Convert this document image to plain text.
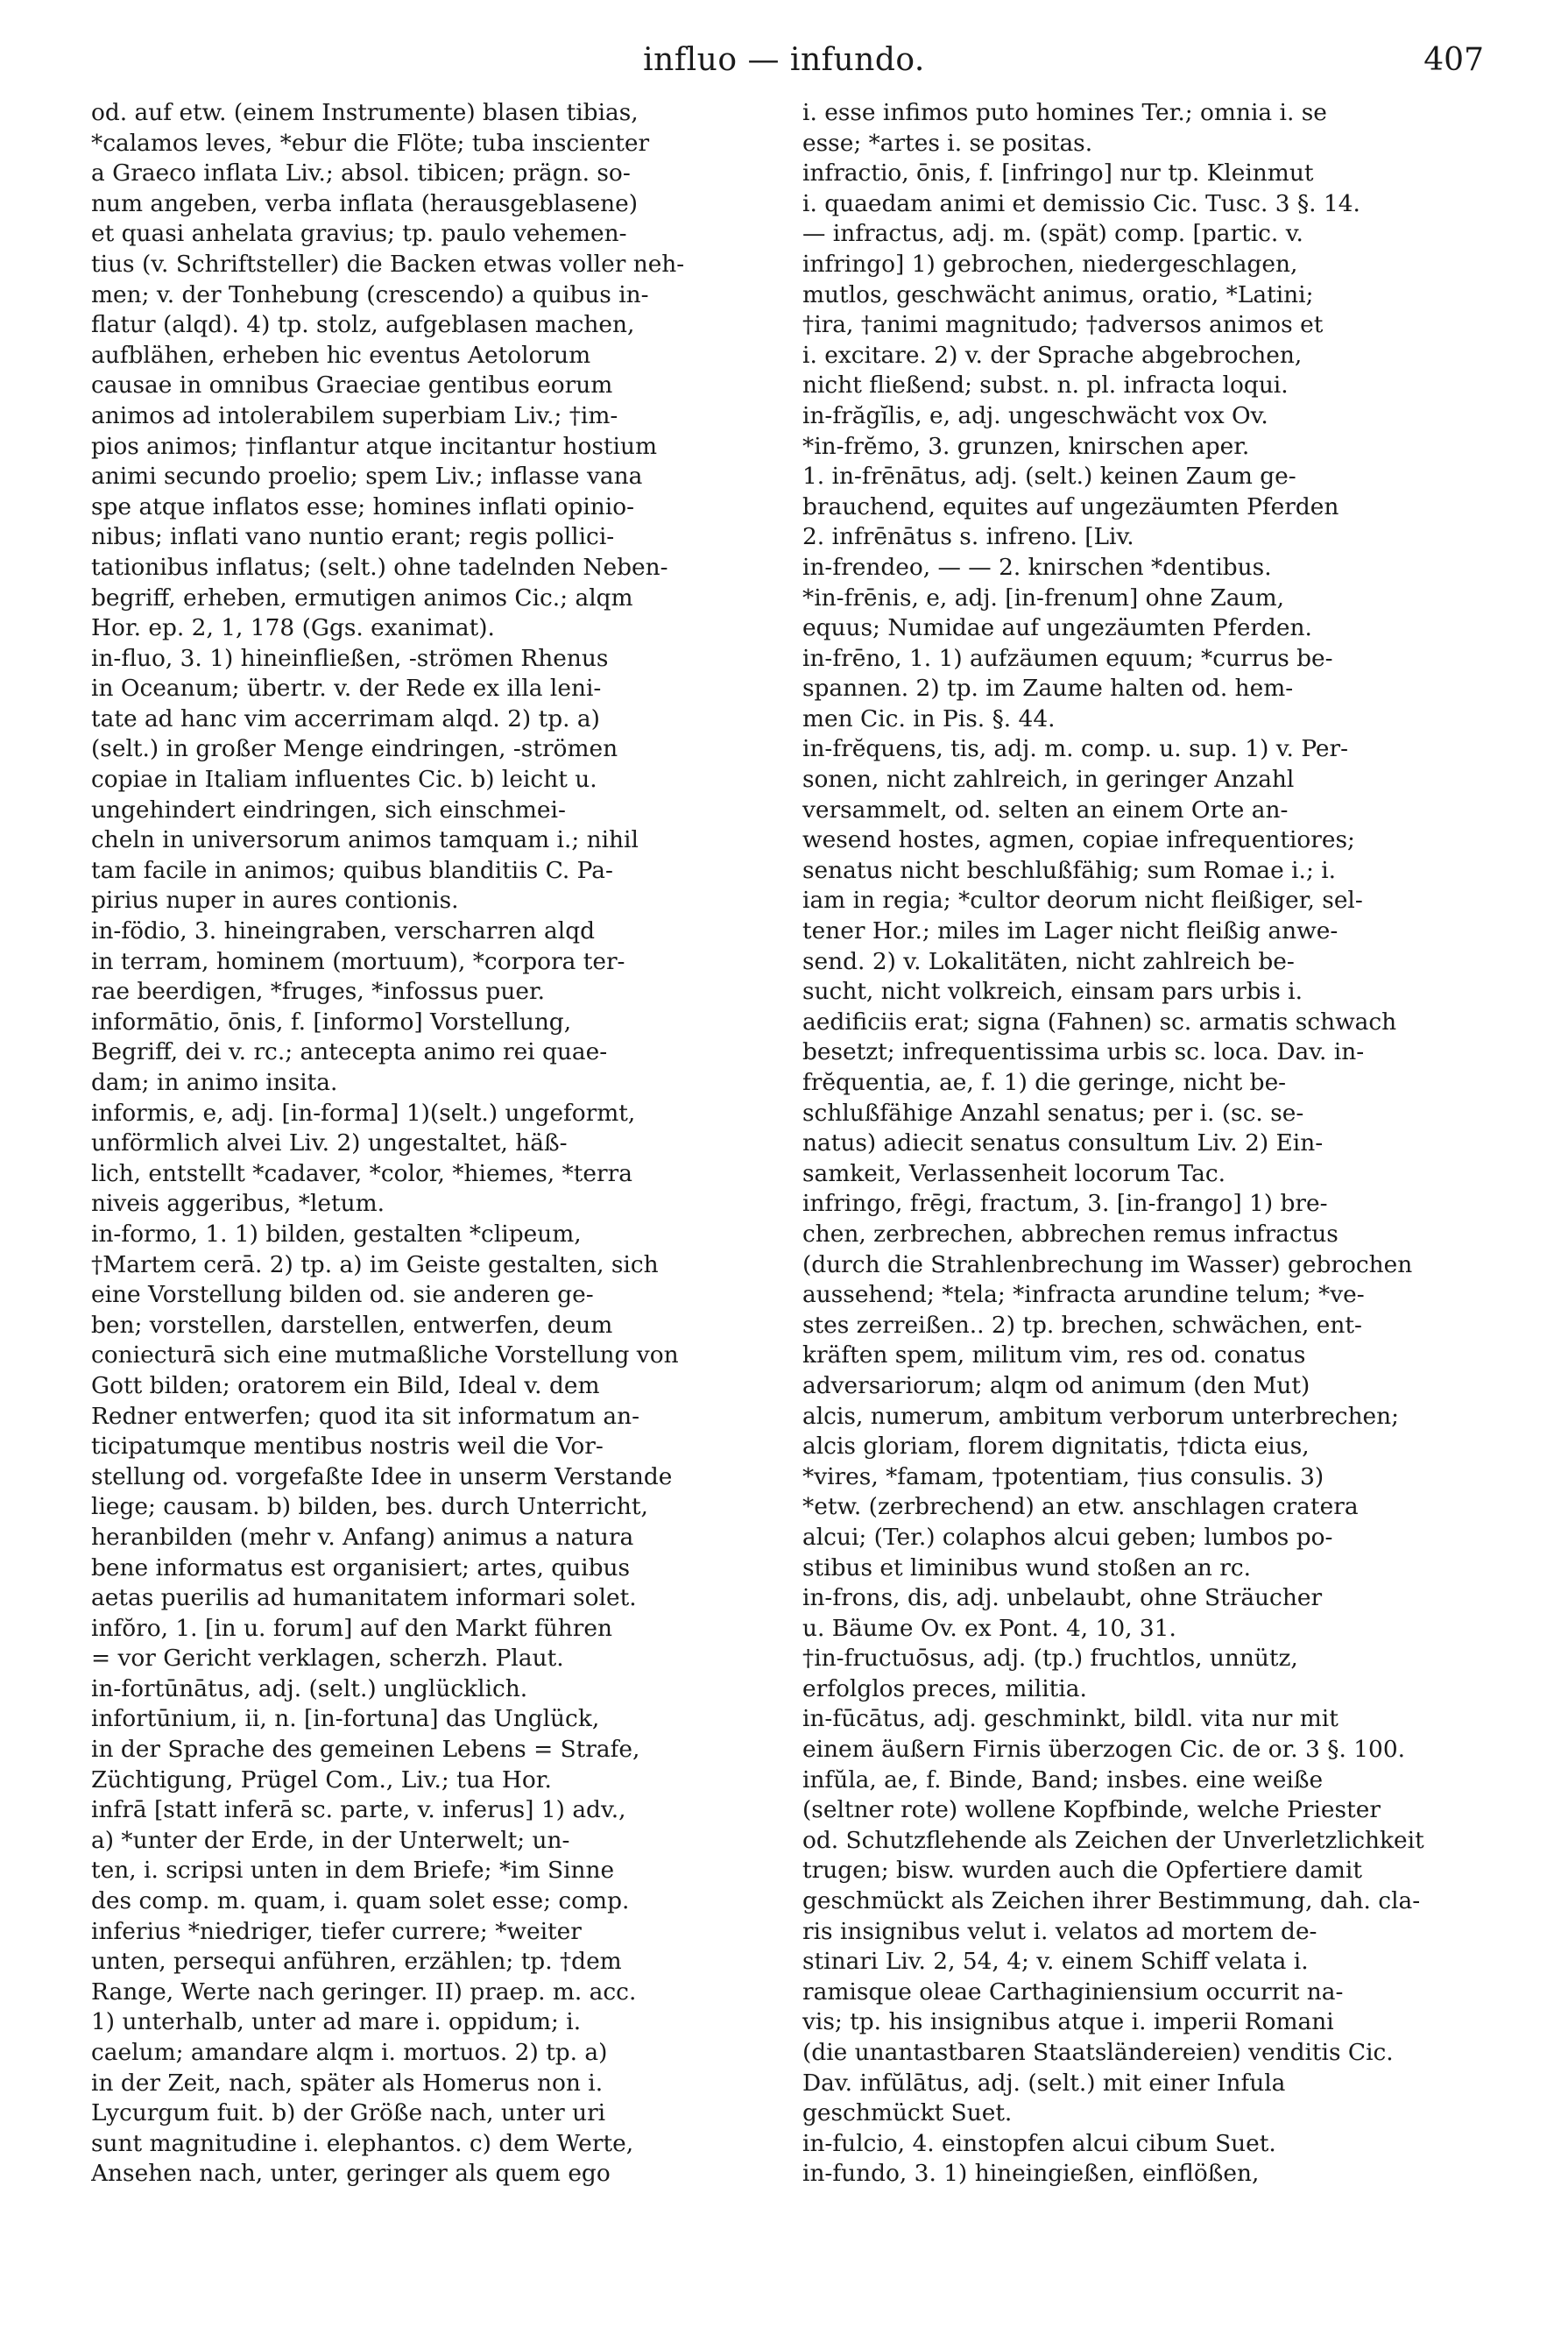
influo — infundo.	407
od. auf etw. (einem Instrumente) blasen tibias,
*calamos leves, *ebur die Flöte; tuba inscienter
a Graeco inflata Liv.; absol. tibicen; prägn. so-
num angeben, verba inflata (herausgeblasene)
et quasi anhelata gravius; tp. paulo vehemen-
tius (v. Schriftsteller) die Backen etwas voller neh-
men; v. der Tonhebung (crescendo) a quibus in-
flatur (alqd). 4) tp. stolz, aufgeblasen machen,
aufblähen, erheben hic eventus Aetolorum
causae in omnibus Graeciae gentibus eorum
animos ad intolerabilem superbiam Liv.; †im-
pios animos; †inflantur atque incitantur hostium
animi secundo proelio; spem Liv.; inflasse vana
spe atque inflatos esse; homines inflati opinio-
nibus; inflati vano nuntio erant; regis pollici-
tationibus inflatus; (selt.) ohne tadelnden Neben-
begriff, erheben, ermutigen animos Cic.; alqm
Hor. ep. 2, 1, 178 (Ggs. exanimat).
in-fluo, 3. 1) hineinfließen, -strömen Rhenus
in Oceanum; übertr. v. der Rede ex illa leni-
tate ad hanc vim accerrimam alqd. 2) tp. a)
(selt.) in großer Menge eindringen, -strömen
copiae in Italiam influentes Cic. b) leicht u.
ungehindert eindringen, sich einschmei-
cheln in universorum animos tamquam i.; nihil
tam facile in animos; quibus blanditiis C. Pa-
pirius nuper in aures contionis.
in-födio, 3. hineingraben, verscharren alqd
in terram, hominem (mortuum), *corpora ter-
rae beerdigen, *fruges, *infossus puer.
informātio, ōnis, f. [informo] Vorstellung,
Begriff, dei v. rc.; antecepta animo rei quae-
dam; in animo insita.
informis, e, adj. [in-forma] 1)(selt.) ungeformt,
unförmlich alvei Liv. 2) ungestaltet, häß-
lich, entstellt *cadaver, *color, *hiemes, *terra
niveis aggeribus, *letum.
in-formo, 1. 1) bilden, gestalten *clipeum,
†Martem cerā. 2) tp. a) im Geiste gestalten, sich
eine Vorstellung bilden od. sie anderen ge-
ben; vorstellen, darstellen, entwerfen, deum
coniecturā sich eine mutmaßliche Vorstellung von
Gott bilden; oratorem ein Bild, Ideal v. dem
Redner entwerfen; quod ita sit informatum an-
ticipatumque mentibus nostris weil die Vor-
stellung od. vorgefaßte Idee in unserm Verstande
liege; causam. b) bilden, bes. durch Unterricht,
heranbilden (mehr v. Anfang) animus a natura
bene informatus est organisiert; artes, quibus
aetas puerilis ad humanitatem informari solet.
infŏro, 1. [in u. forum] auf den Markt führen
= vor Gericht verklagen, scherzh. Plaut.
in-fortūnātus, adj. (selt.) unglücklich.
infortūnium, ii, n. [in-fortuna] das Unglück,
in der Sprache des gemeinen Lebens = Strafe,
Züchtigung, Prügel Com., Liv.; tua Hor.
infrā [statt inferā sc. parte, v. inferus] 1) adv.,
a) *unter der Erde, in der Unterwelt; un-
ten, i. scripsi unten in dem Briefe; *im Sinne
des comp. m. quam, i. quam solet esse; comp.
inferius *niedriger, tiefer currere; *weiter
unten, persequi anführen, erzählen; tp. †dem
Range, Werte nach geringer. II) praep. m. acc.
1) unterhalb, unter ad mare i. oppidum; i.
caelum; amandare alqm i. mortuos. 2) tp. a)
in der Zeit, nach, später als Homerus non i.
Lycurgum fuit. b) der Größe nach, unter uri
sunt magnitudine i. elephantos. c) dem Werte,
Ansehen nach, unter, geringer als quem ego
i. esse infimos puto homines Ter.; omnia i. se
esse; *artes i. se positas.
infractio, ōnis, f. [infringo] nur tp. Kleinmut
i. quaedam animi et demissio Cic. Tusc. 3 §. 14.
— infractus, adj. m. (spät) comp. [partic. v.
infringo] 1) gebrochen, niedergeschlagen,
mutlos, geschwächt animus, oratio, *Latini;
†ira, †animi magnitudo; †adversos animos et
i. excitare. 2) v. der Sprache abgebrochen,
nicht fließend; subst. n. pl. infracta loqui.
in-frăgĭlis, e, adj. ungeschwächt vox Ov.
*in-frĕmo, 3. grunzen, knirschen aper.
1. in-frēnātus, adj. (selt.) keinen Zaum ge-
brauchend, equites auf ungezäumten Pferden
2. infrēnātus s. infreno. [Liv.
in-frendeo, — — 2. knirschen *dentibus.
*in-frēnis, e, adj. [in-frenum] ohne Zaum,
equus; Numidae auf ungezäumten Pferden.
in-frēno, 1. 1) aufzäumen equum; *currus be-
spannen. 2) tp. im Zaume halten od. hem-
men Cic. in Pis. §. 44.
in-frĕquens, tis, adj. m. comp. u. sup. 1) v. Per-
sonen, nicht zahlreich, in geringer Anzahl
versammelt, od. selten an einem Orte an-
wesend hostes, agmen, copiae infrequentiores;
senatus nicht beschlußfähig; sum Romae i.; i.
iam in regia; *cultor deorum nicht fleißiger, sel-
tener Hor.; miles im Lager nicht fleißig anwe-
send. 2) v. Lokalitäten, nicht zahlreich be-
sucht, nicht volkreich, einsam pars urbis i.
aedificiis erat; signa (Fahnen) sc. armatis schwach
besetzt; infrequentissima urbis sc. loca. Dav. in-
frĕquentia, ae, f. 1) die geringe, nicht be-
schlußfähige Anzahl senatus; per i. (sc. se-
natus) adiecit senatus consultum Liv. 2) Ein-
samkeit, Verlassenheit locorum Tac.
infringo, frēgi, fractum, 3. [in-frango] 1) bre-
chen, zerbrechen, abbrechen remus infractus
(durch die Strahlenbrechung im Wasser) gebrochen
aussehend; *tela; *infracta arundine telum; *ve-
stes zerreißen.. 2) tp. brechen, schwächen, ent-
kräften spem, militum vim, res od. conatus
adversariorum; alqm od animum (den Mut)
alcis, numerum, ambitum verborum unterbrechen;
alcis gloriam, florem dignitatis, †dicta eius,
*vires, *famam, †potentiam, †ius consulis. 3)
*etw. (zerbrechend) an etw. anschlagen cratera
alcui; (Ter.) colaphos alcui geben; lumbos po-
stibus et liminibus wund stoßen an rc.
in-frons, dis, adj. unbelaubt, ohne Sträucher
u. Bäume Ov. ex Pont. 4, 10, 31.
†in-fructuōsus, adj. (tp.) fruchtlos, unnütz,
erfolglos preces, militia.
in-fūcātus, adj. geschminkt, bildl. vita nur mit
einem äußern Firnis überzogen Cic. de or. 3 §. 100.
infŭla, ae, f. Binde, Band; insbes. eine weiße
(seltner rote) wollene Kopfbinde, welche Priester
od. Schutzflehende als Zeichen der Unverletzlichkeit
trugen; bisw. wurden auch die Opfertiere damit
geschmückt als Zeichen ihrer Bestimmung, dah. cla-
ris insignibus velut i. velatos ad mortem de-
stinari Liv. 2, 54, 4; v. einem Schiff velata i.
ramisque oleae Carthaginiensium occurrit na-
vis; tp. his insignibus atque i. imperii Romani
(die unantastbaren Staatsländereien) venditis Cic.
Dav. infŭlātus, adj. (selt.) mit einer Infula
geschmückt Suet.
in-fulcio, 4. einstopfen alcui cibum Suet.
in-fundo, 3. 1) hineingießen, einflößen,
